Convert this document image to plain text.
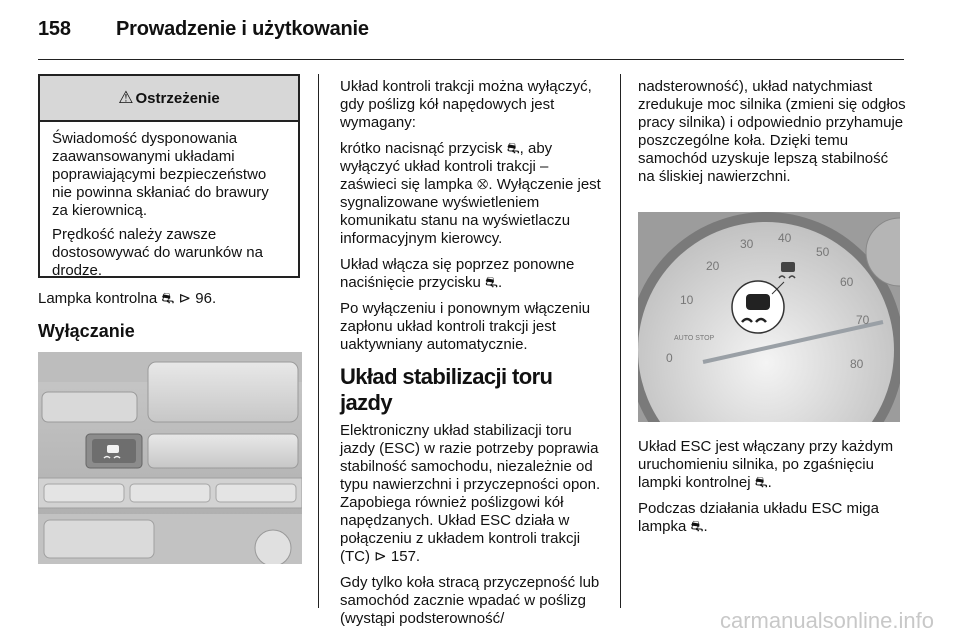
158 Prowadzenie i użytkowanie
⚠ Ostrzeżenie

Świadomość dysponowania zaawansowanymi układami poprawiającymi bezpieczeństwo nie powinna skłaniać do brawury za kierownicą.

Prędkość należy zawsze dostosowywać do warunków na drodze.

Lampka kontrolna ⛐ ⊳ 96.

Wyłączanie

Układ kontroli trakcji można wyłączyć, gdy poślizg kół napędowych jest wymagany:

krótko nacisnąć przycisk ⛐, aby wyłączyć układ kontroli trakcji – zaświeci się lampka ⛒. Wyłączenie jest sygnalizowane wyświetleniem komunikatu stanu na wyświetlaczu informacyjnym kierowcy.

Układ włącza się poprzez ponowne naciśnięcie przycisku ⛐.

Po wyłączeniu i ponownym włączeniu zapłonu układ kontroli trakcji jest uaktywniany automatycznie.

Układ stabilizacji toru jazdy

Elektroniczny układ stabilizacji toru jazdy (ESC) w razie potrzeby poprawia stabilność samochodu, niezależnie od typu nawierzchni i przyczepności opon. Zapobiega również poślizgowi kół napędzanych. Układ ESC działa w połączeniu z układem kontroli trakcji (TC) ⊳ 157.

Gdy tylko koła stracą przyczepność lub samochód zacznie wpadać w poślizg (wystąpi podsterowność/

nadsterowność), układ natychmiast zredukuje moc silnika (zmieni się odgłos pracy silnika) i odpowiednio przyhamuje poszczególne koła. Dzięki temu samochód uzyskuje lepszą stabilność na śliskiej nawierzchni.

0
10
20
30 40
50
60
70
80
AUTO STOP

Układ ESC jest włączany przy każdym uruchomieniu silnika, po zgaśnięciu lampki kontrolnej ⛐.

Podczas działania układu ESC miga lampka ⛐.

carmanualsonline.info
